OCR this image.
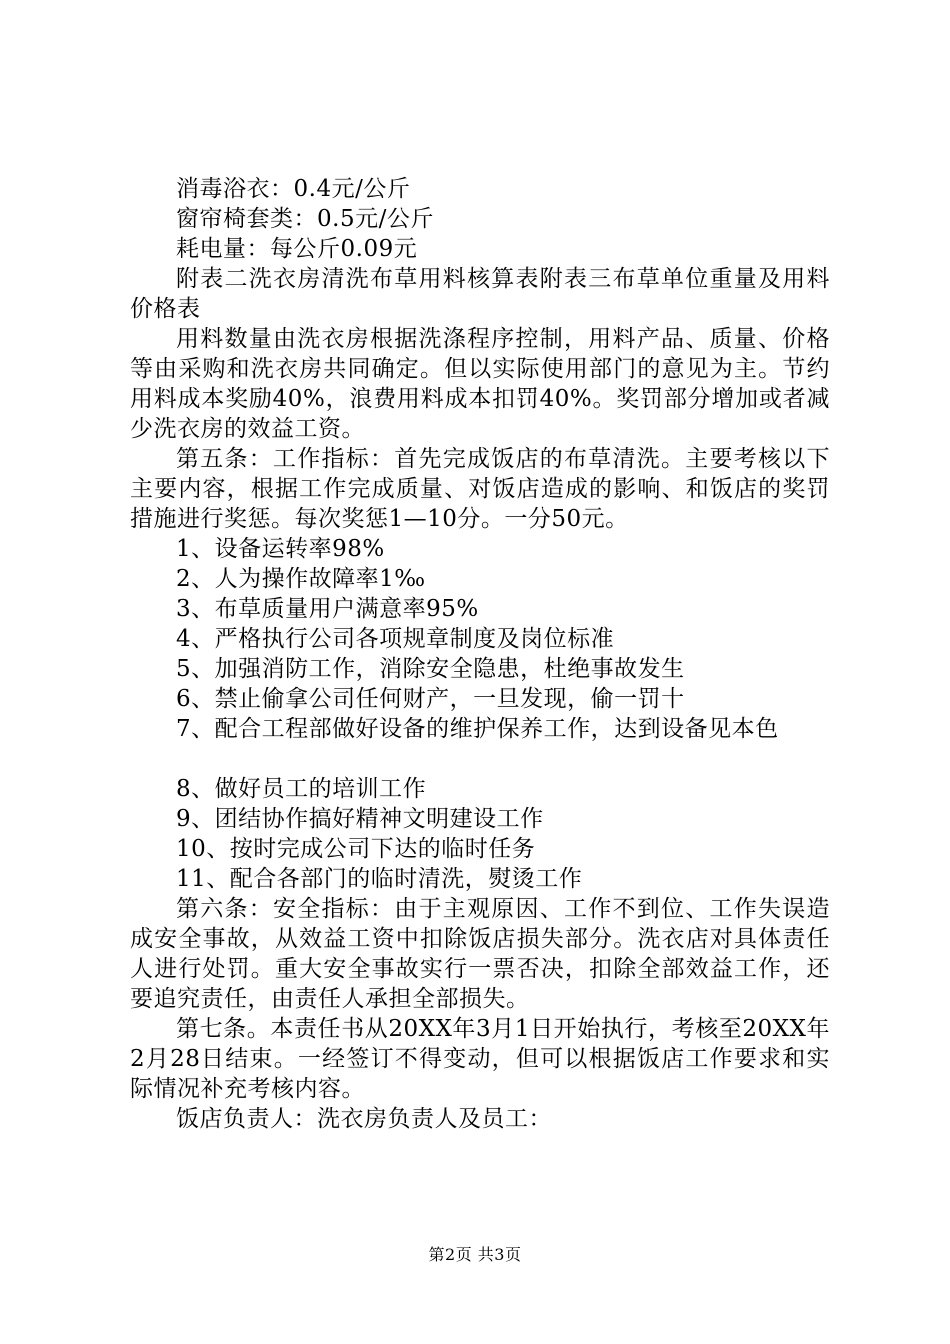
消毒浴衣：0.4元/公斤

窗帘椅套类：0.5元/公斤

耗电量：每公斤0.09元

附表二洗衣房清洗布草用料核算表附表三布草单位重量及用料价格表

用料数量由洗衣房根据洗涤程序控制，用料产品、质量、价格等由采购和洗衣房共同确定。但以实际使用部门的意见为主。节约用料成本奖励40%，浪费用料成本扣罚40%。奖罚部分增加或者减少洗衣房的效益工资。

第五条：工作指标：首先完成饭店的布草清洗。主要考核以下主要内容，根据工作完成质量、对饭店造成的影响、和饭店的奖罚措施进行奖惩。每次奖惩1—10分。一分50元。

1、设备运转率98%

2、人为操作故障率1‰

3、布草质量用户满意率95%

4、严格执行公司各项规章制度及岗位标准

5、加强消防工作，消除安全隐患，杜绝事故发生

6、禁止偷拿公司任何财产，一旦发现，偷一罚十

7、配合工程部做好设备的维护保养工作，达到设备见本色

8、做好员工的培训工作

9、团结协作搞好精神文明建设工作

10、按时完成公司下达的临时任务

11、配合各部门的临时清洗，熨烫工作

第六条：安全指标：由于主观原因、工作不到位、工作失误造成安全事故，从效益工资中扣除饭店损失部分。洗衣店对具体责任人进行处罚。重大安全事故实行一票否决，扣除全部效益工作，还要追究责任，由责任人承担全部损失。

第七条。本责任书从20XX年3月1日开始执行，考核至20XX年2月28日结束。一经签订不得变动，但可以根据饭店工作要求和实际情况补充考核内容。

饭店负责人：洗衣房负责人及员工：

第2页 共3页
